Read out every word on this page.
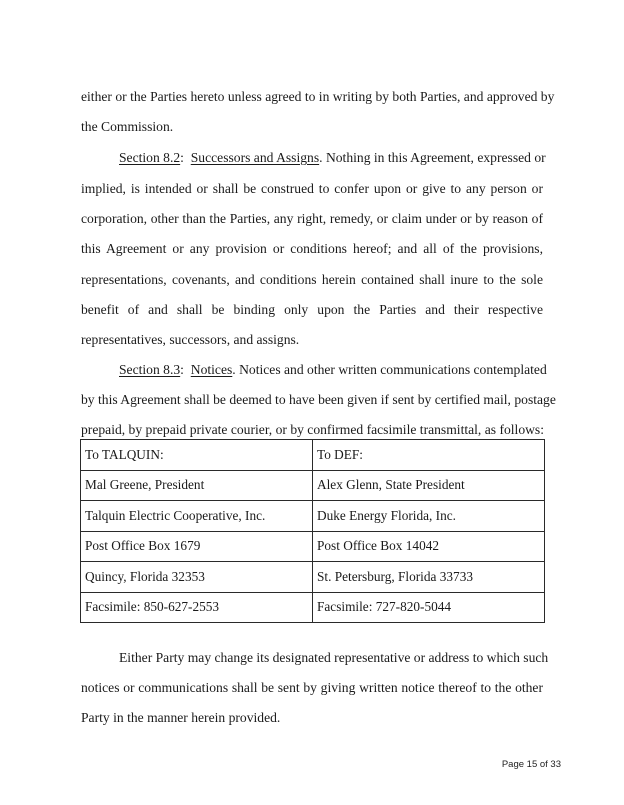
either or the Parties hereto unless agreed to in writing by both Parties, and approved by
the Commission.
Section 8.2: Successors and Assigns. Nothing in this Agreement, expressed or
implied, is intended or shall be construed to confer upon or give to any person or
corporation, other than the Parties, any right, remedy, or claim under or by reason of
this Agreement or any provision or conditions hereof; and all of the provisions,
representations, covenants, and conditions herein contained shall inure to the sole
benefit of and shall be binding only upon the Parties and their respective
representatives, successors, and assigns.
Section 8.3: Notices. Notices and other written communications contemplated
by this Agreement shall be deemed to have been given if sent by certified mail, postage
prepaid, by prepaid private courier, or by confirmed facsimile transmittal, as follows:
To TALQUIN:	To DEF:
Mal Greene, President	Alex Glenn, State President
Talquin Electric Cooperative, Inc.	Duke Energy Florida, Inc.
Post Office Box 1679	Post Office Box 14042
Quincy, Florida 32353	St. Petersburg, Florida 33733
Facsimile: 850-627-2553	Facsimile: 727-820-5044
Either Party may change its designated representative or address to which such
notices or communications shall be sent by giving written notice thereof to the other
Party in the manner herein provided.
Page 15 of 33
